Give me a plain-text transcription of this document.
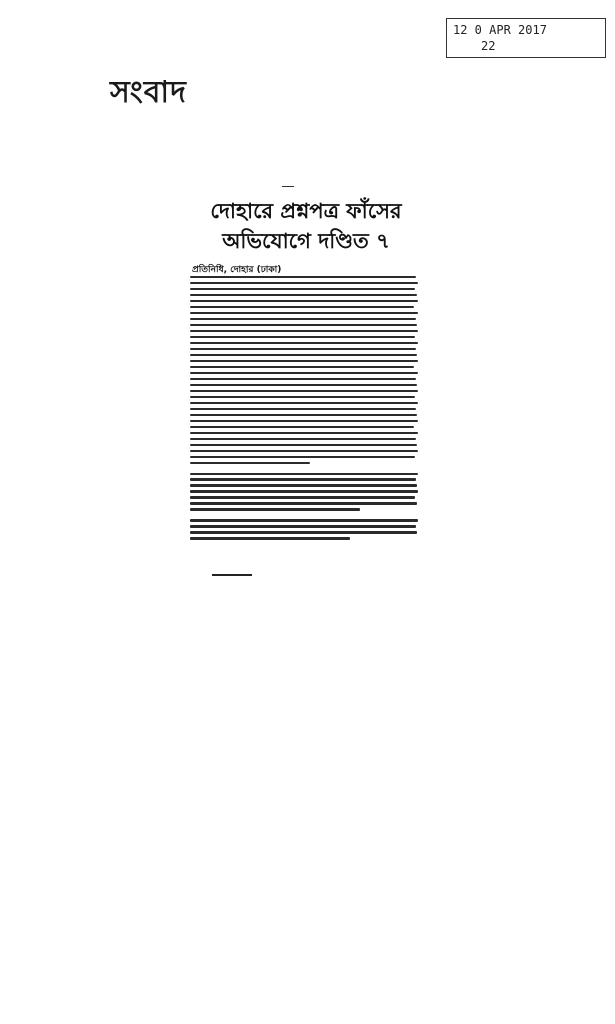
12 0 APR 2017
22
সংবাদ
দোহারে প্রশ্নপত্র ফাঁসের
অভিযোগে দণ্ডিত ৭
প্রতিনিধি, দোহার (ঢাকা)
